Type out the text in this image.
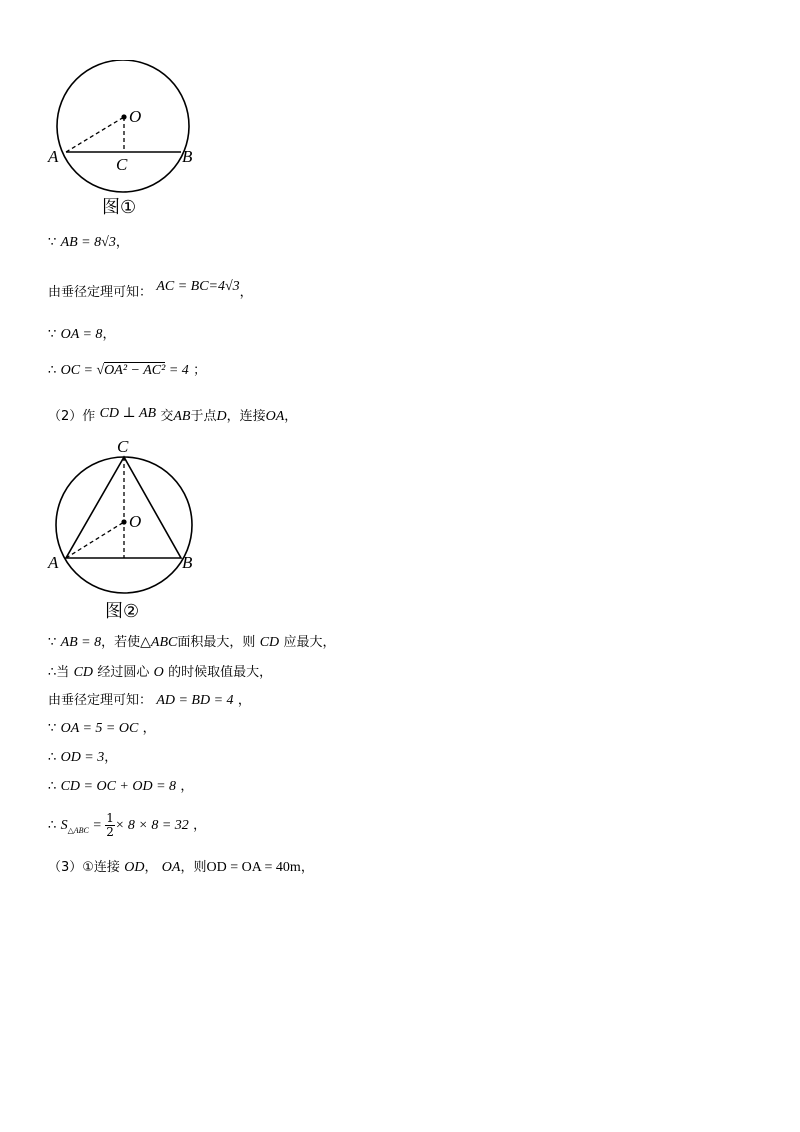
O
A	B
C
图①
∵ AB = 8√3，
由垂径定理可知： AC = BC=4√3，
∵ OA = 8，
∴ OC = √OA² − AC² = 4 ；
（2）作 CD ⊥ AB 交AB于点D，连接OA，
C
O
A	B
图②
∵ AB = 8，若使△ABC面积最大，则 CD 应最大，
∴当 CD 经过圆心 O 的时候取值最大，
由垂径定理可知： AD = BD = 4 ，
∵ OA = 5 = OC ，
∴ OD = 3，
∴ CD = OC + OD = 8 ，
∴ $S_{\triangle ABC} = \frac{1}{2} \times 8 \times 8 = 32$ ，
（3）①连接 OD， OA，则OD = OA = 40m，
